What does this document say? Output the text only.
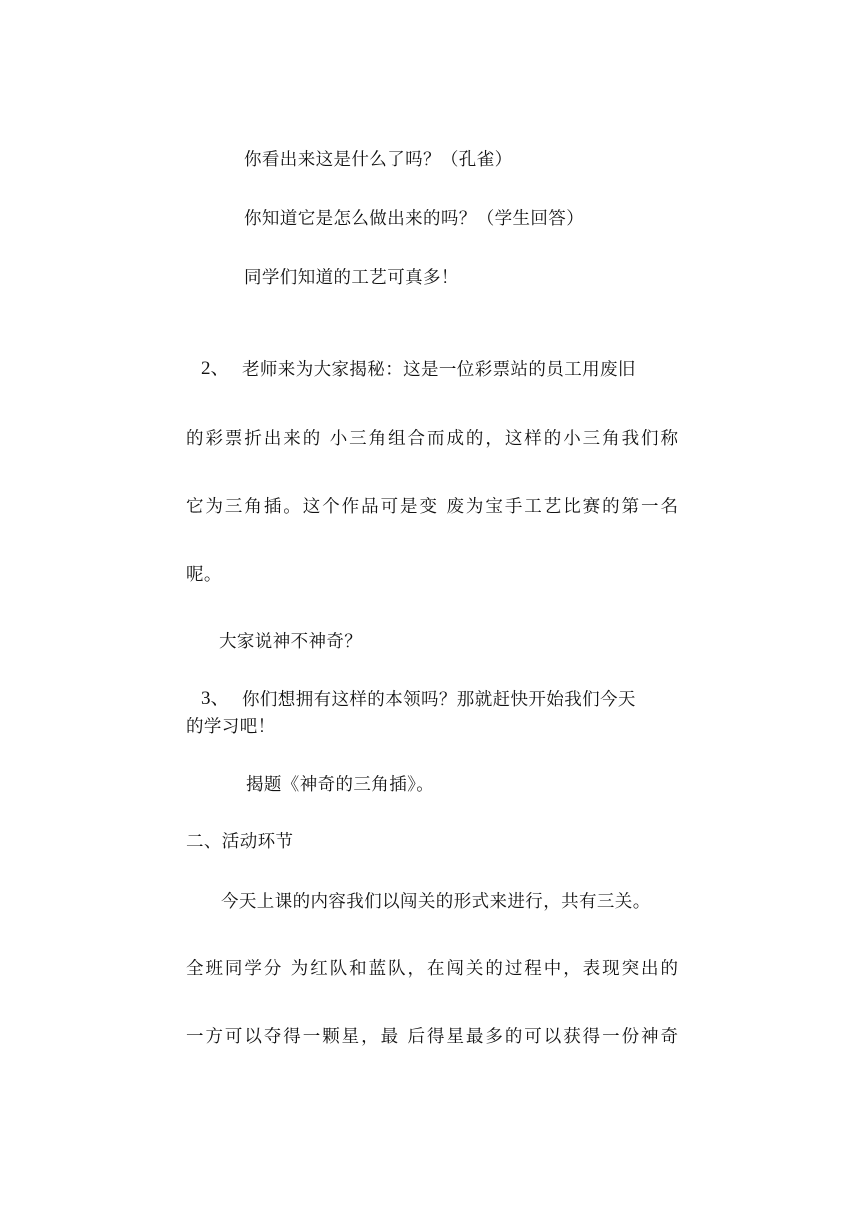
你看出来这是什么了吗？（孔雀）
你知道它是怎么做出来的吗？（学生回答）
同学们知道的工艺可真多！
2、 老师来为大家揭秘：这是一位彩票站的员工用废旧
的彩票折出来的 小三角组合而成的，这样的小三角我们称
它为三角插。这个作品可是变 废为宝手工艺比赛的第一名
呢。
大家说神不神奇？
3、 你们想拥有这样的本领吗？那就赶快开始我们今天
的学习吧！
揭题《神奇的三角插》。
二、活动环节
今天上课的内容我们以闯关的形式来进行，共有三关。
全班同学分 为红队和蓝队，在闯关的过程中，表现突出的
一方可以夺得一颗星，最 后得星最多的可以获得一份神奇
